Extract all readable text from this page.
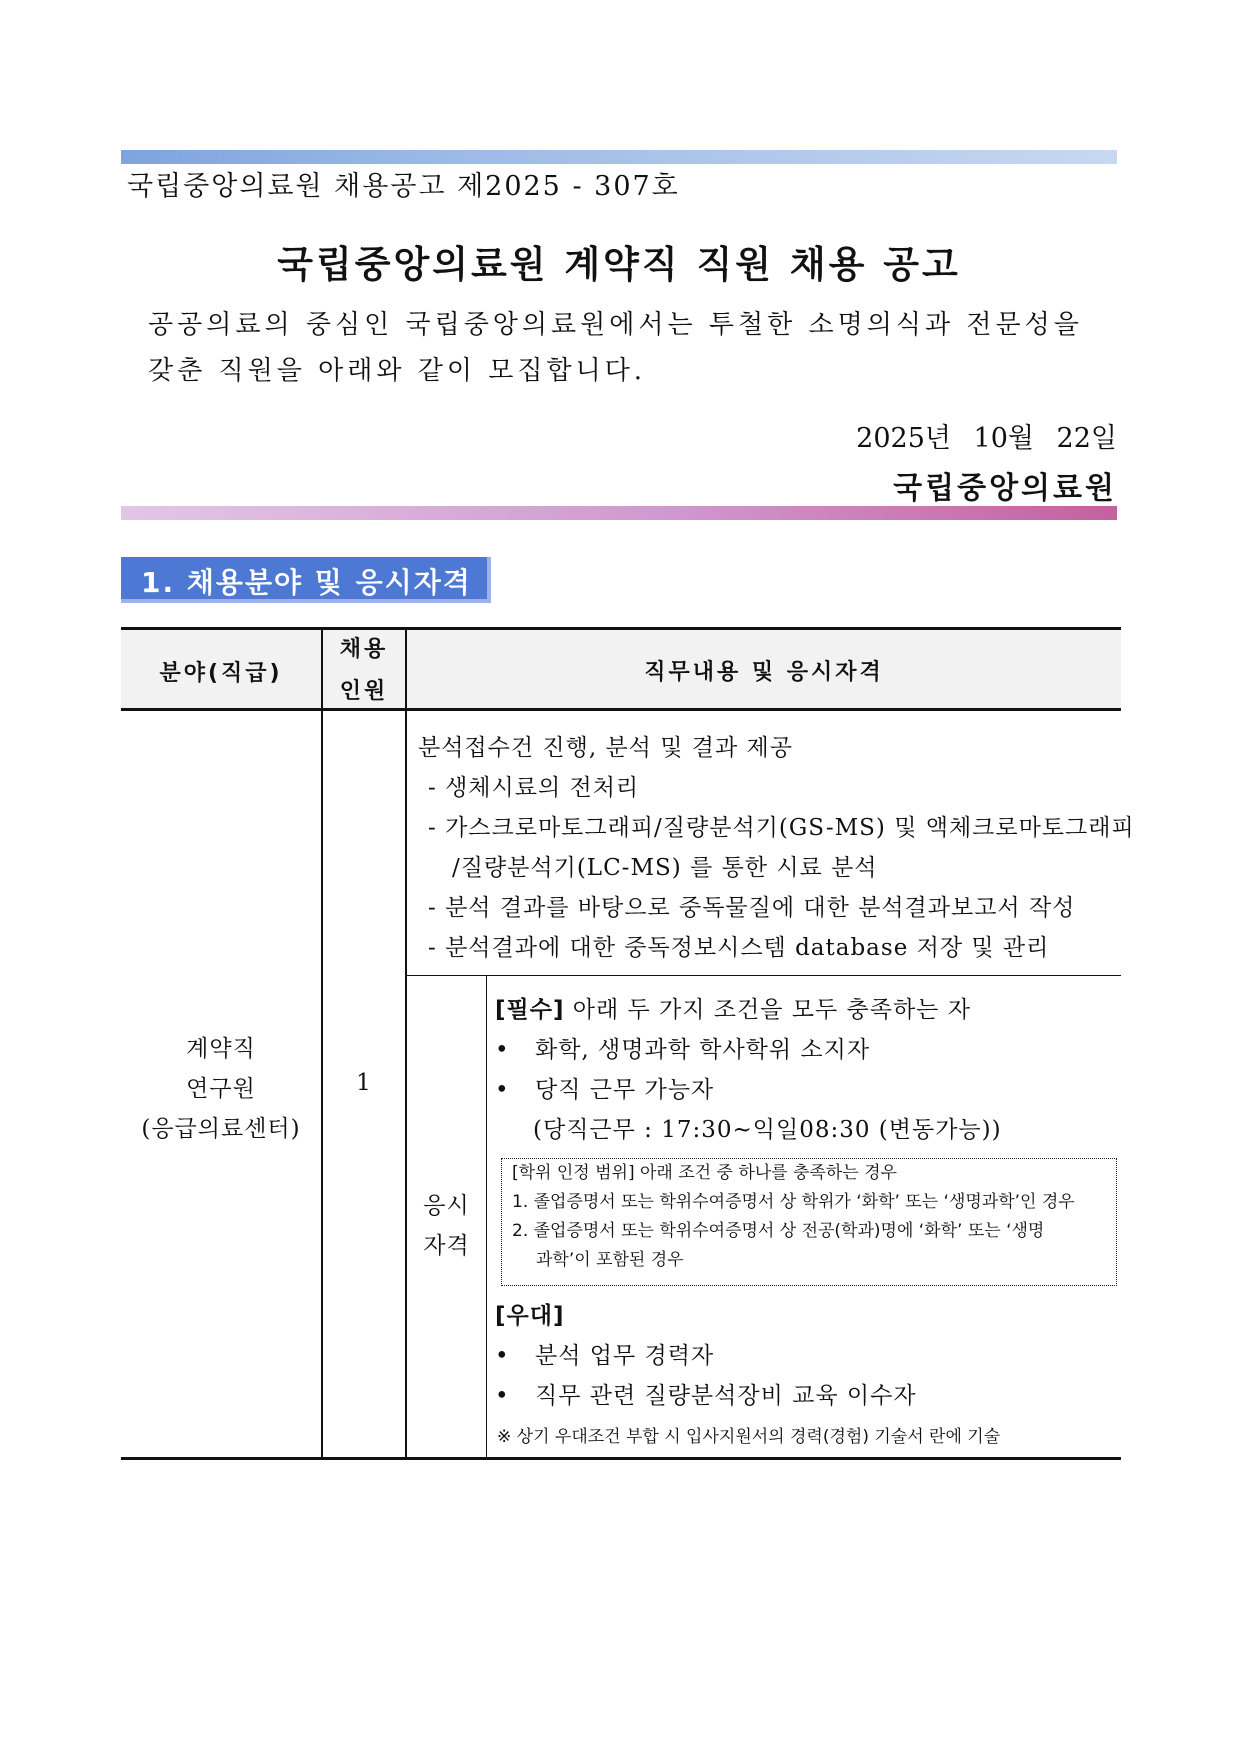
국립중앙의료원 채용공고 제2025 - 307호
국립중앙의료원 계약직 직원 채용 공고
공공의료의 중심인 국립중앙의료원에서는 투철한 소명의식과 전문성을
갖춘 직원을 아래와 같이 모집합니다.
2025년 10월 22일
국립중앙의료원
1. 채용분야 및 응시자격
분야(직급)
채용
인원
직무내용 및 응시자격
계약직
연구원
(응급의료센터)
1
분석접수건 진행, 분석 및 결과 제공
- 생체시료의 전처리
- 가스크로마토그래피/질량분석기(GS-MS) 및 액체크로마토그래피
/질량분석기(LC-MS) 를 통한 시료 분석
- 분석 결과를 바탕으로 중독물질에 대한 분석결과보고서 작성
- 분석결과에 대한 중독정보시스템 database 저장 및 관리
응시
자격
[필수] 아래 두 가지 조건을 모두 충족하는 자
• 화학, 생명과학 학사학위 소지자
• 당직 근무 가능자
(당직근무 : 17:30~익일08:30 (변동가능))
[학위 인정 범위] 아래 조건 중 하나를 충족하는 경우
1. 졸업증명서 또는 학위수여증명서 상 학위가 ‘화학’ 또는 ‘생명과학’인 경우
2. 졸업증명서 또는 학위수여증명서 상 전공(학과)명에 ‘화학’ 또는 ‘생명
과학’이 포함된 경우
[우대]
• 분석 업무 경력자
• 직무 관련 질량분석장비 교육 이수자
※ 상기 우대조건 부합 시 입사지원서의 경력(경험) 기술서 란에 기술
